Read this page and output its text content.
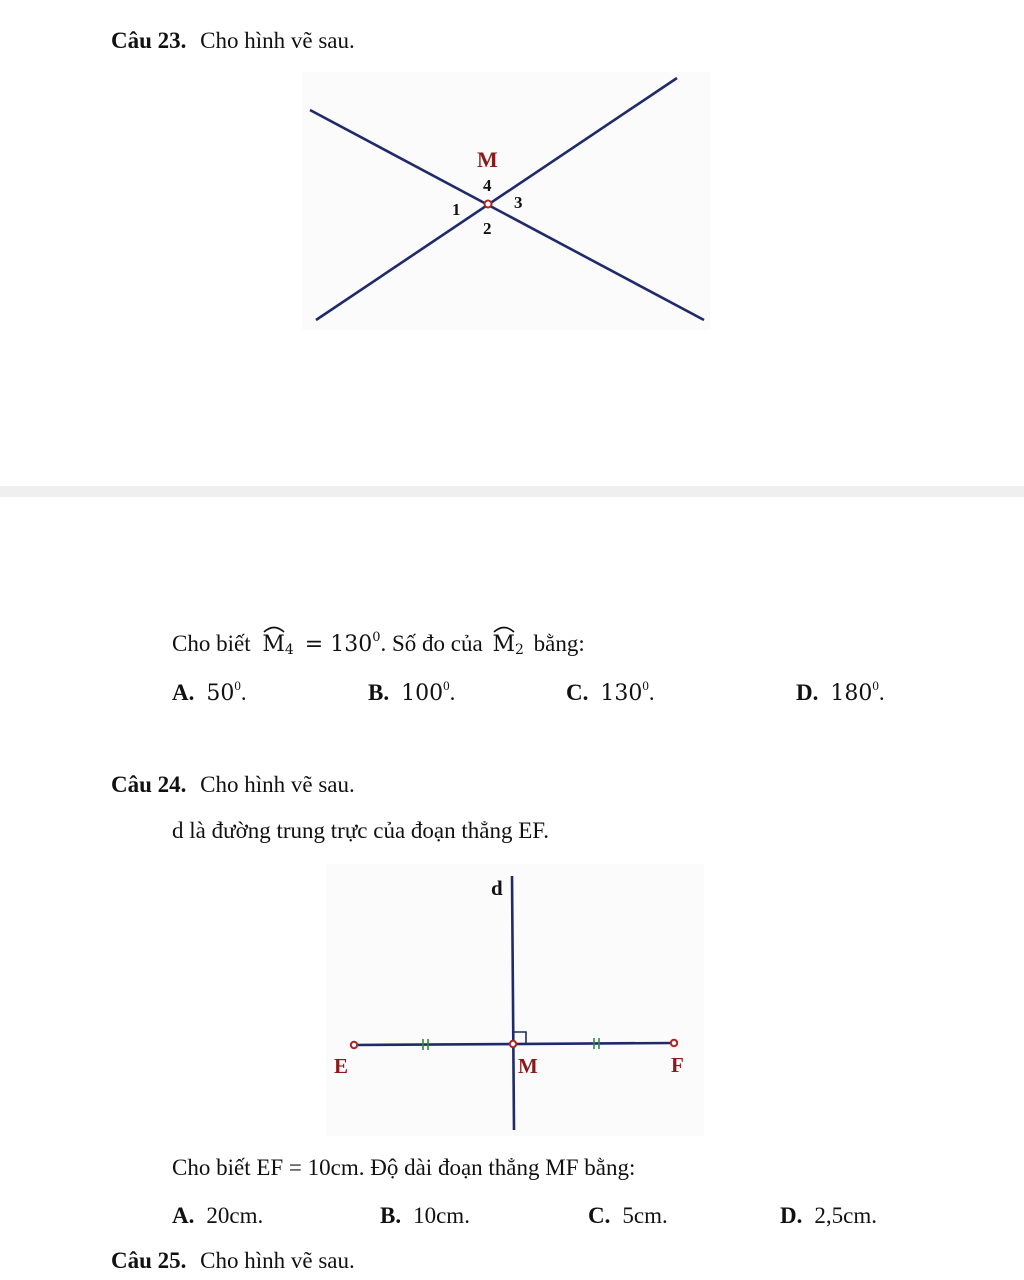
Câu 23. Cho hình vẽ sau.
M
1
2
3
4
Cho biết $M_4 = 130^0$. Số đo của $M_2$ bằng:
A. $50^0$.	B. $100^0$.	C. $130^0$.	D. $180^0$.
Câu 24. Cho hình vẽ sau.
d là đường trung trực của đoạn thẳng EF.
d
E	M	F
Cho biết EF = 10cm. Độ dài đoạn thẳng MF bằng:
A. 20cm.	B. 10cm.	C. 5cm.	D. 2,5cm.
Câu 25. Cho hình vẽ sau.
